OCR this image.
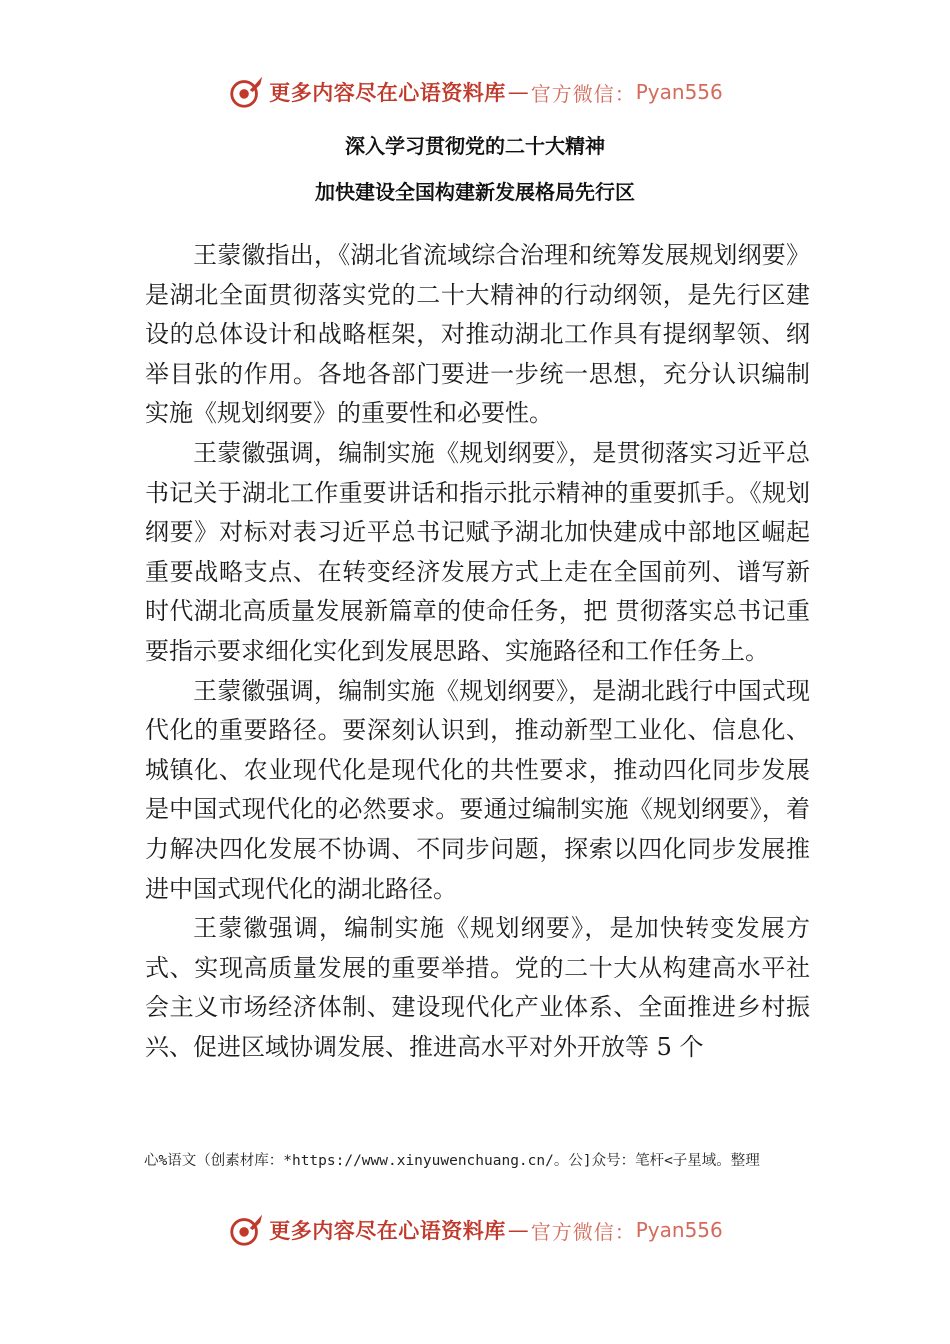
更多内容尽在心语资料库 — 官方微信： Pyan556
深入学习贯彻党的二十大精神
加快建设全国构建新发展格局先行区

王蒙徽指出，《湖北省流域综合治理和统筹发展规划纲要》是湖北全面贯彻落实党的二十大精神的行动纲领，是先行区建设的总体设计和战略框架，对推动湖北工作具有提纲挈领、纲举目张的作用。各地各部门要进一步统一思想，充分认识编制实施《规划纲要》的重要性和必要性。

王蒙徽强调，编制实施《规划纲要》，是贯彻落实习近平总书记关于湖北工作重要讲话和指示批示精神的重要抓手。《规划纲要》对标对表习近平总书记赋予湖北加快建成中部地区崛起重要战略支点、在转变经济发展方式上走在全国前列、谱写新时代湖北高质量发展新篇章的使命任务，把 贯彻落实总书记重要指示要求细化实化到发展思路、实施路径和工作任务上。

王蒙徽强调，编制实施《规划纲要》，是湖北践行中国式现代化的重要路径。要深刻认识到，推动新型工业化、信息化、城镇化、农业现代化是现代化的共性要求，推动四化同步发展是中国式现代化的必然要求。要通过编制实施《规划纲要》，着力解决四化发展不协调、不同步问题，探索以四化同步发展推进中国式现代化的湖北路径。

王蒙徽强调，编制实施《规划纲要》，是加快转变发展方式、实现高质量发展的重要举措。党的二十大从构建高水平社会主义市场经济体制、建设现代化产业体系、全面推进乡村振兴、促进区域协调发展、推进高水平对外开放等 5 个

心%语文（创素材库：*https://www.xinyuwenchuang.cn/。公]众号：笔杆<子星域。整理
更多内容尽在心语资料库 — 官方微信： Pyan556
